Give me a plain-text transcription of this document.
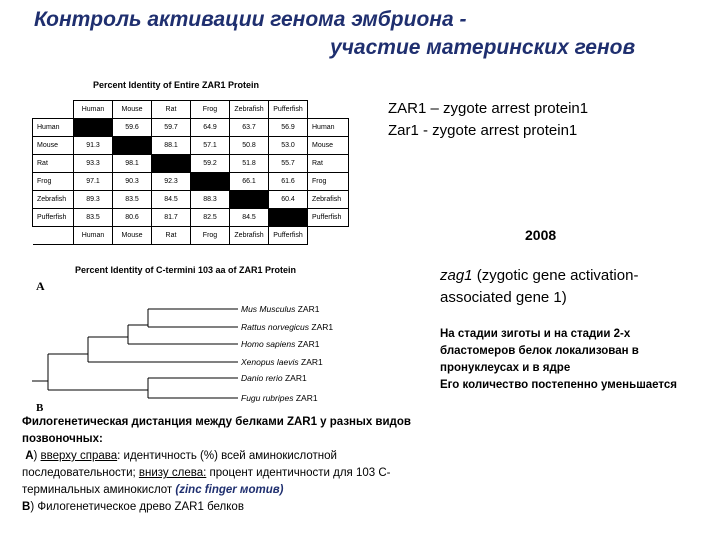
Контроль активации генома эмбриона -
участие материнских генов
Percent Identity of Entire ZAR1 Protein
	Human	Mouse	Rat	Frog	Zebrafish	Pufferfish	
Human		59.6	59.7	64.9	63.7	56.9	Human
Mouse	91.3		88.1	57.1	50.8	53.0	Mouse
Rat	93.3	98.1		59.2	51.8	55.7	Rat
Frog	97.1	90.3	92.3		66.1	61.6	Frog
Zebrafish	89.3	83.5	84.5	88.3		60.4	Zebrafish
Pufferfish	83.5	80.6	81.7	82.5	84.5		Pufferfish
	Human	Mouse	Rat	Frog	Zebrafish	Pufferfish	
Percent Identity of C-termini 103 aa of ZAR1 Protein
A
Mus Musculus ZAR1
Rattus norvegicus ZAR1
Homo sapiens ZAR1
Xenopus laevis ZAR1
Danio rerio ZAR1
Fugu rubripes ZAR1
B
Филогенетическая дистанция между белками ZAR1 у разных видов позвоночных:
А) вверху справа: идентичность (%) всей аминокислотной последовательности; внизу слева: процент идентичности для 103 С-терминальных аминокислот (zinc finger мотив)
В) Филогенетическое древо ZAR1 белков
ZAR1 – zygote arrest protein1
Zar1 - zygote arrest protein1
2008
zag1 (zygotic gene activation-associated gene 1)
На стадии зиготы и на стадии 2-х бластомеров белок локализован в пронуклеусах и в ядре
Его количество постепенно уменьшается
